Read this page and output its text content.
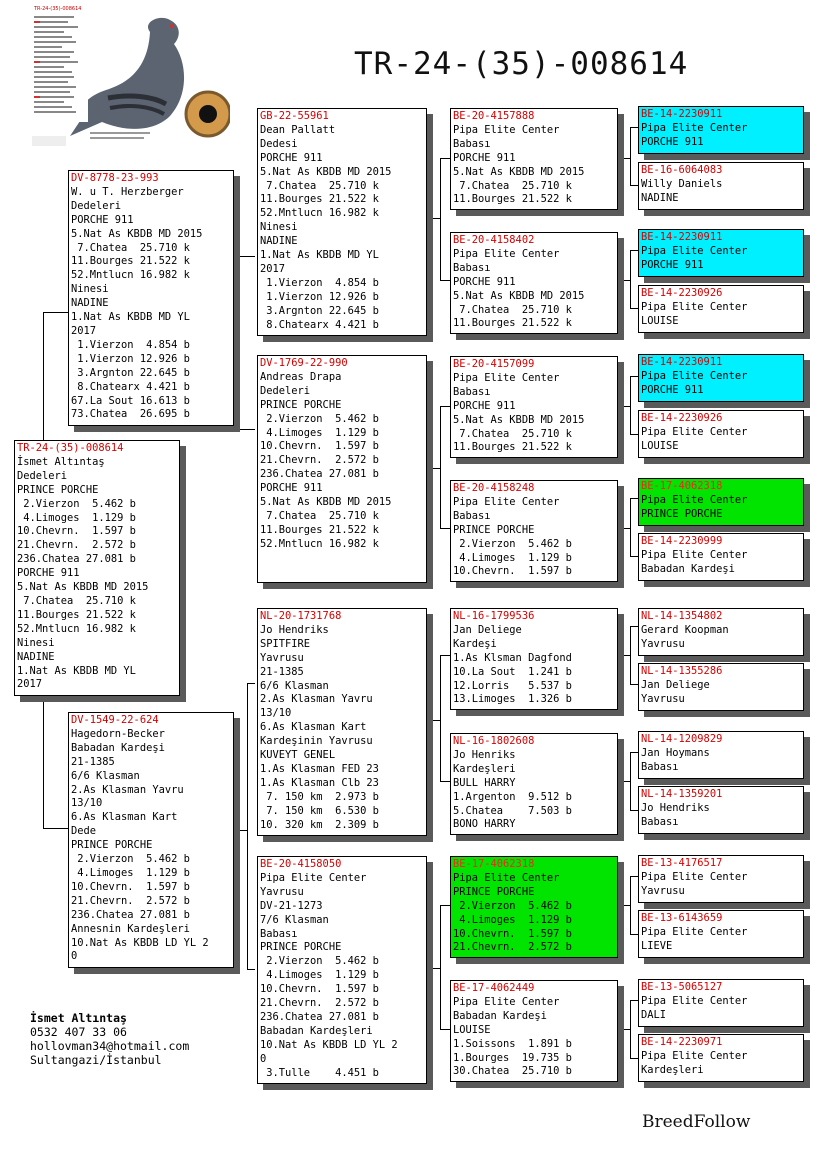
TR-24-(35)-008614
TR-24-(35)-008614
TR-24-(35)-008614
İsmet Altıntaş
Dedeleri
PRINCE PORCHE
2.Vierzon  5.462 b
4.Limoges  1.129 b
10.Chevrn.  1.597 b
21.Chevrn.  2.572 b
236.Chatea 27.081 b
PORCHE 911
5.Nat As KBDB MD 2015
7.Chatea  25.710 k
11.Bourges 21.522 k
52.Mntlucn 16.982 k
Ninesi
NADINE
1.Nat As KBDB MD YL
2017
DV-8778-23-993
W. u T. Herzberger
Dedeleri
PORCHE 911
5.Nat As KBDB MD 2015
7.Chatea  25.710 k
11.Bourges 21.522 k
52.Mntlucn 16.982 k
Ninesi
NADINE
1.Nat As KBDB MD YL
2017
1.Vierzon  4.854 b
1.Vierzon 12.926 b
3.Argnton 22.645 b
8.Chatearx 4.421 b
67.La Sout 16.613 b
73.Chatea  26.695 b
DV-1549-22-624
Hagedorn-Becker
Babadan Kardeşi
21-1385
6/6 Klasman
2.As Klasman Yavru
13/10
6.As Klasman Kart
Dede
PRINCE PORCHE
2.Vierzon  5.462 b
4.Limoges  1.129 b
10.Chevrn.  1.597 b
21.Chevrn.  2.572 b
236.Chatea 27.081 b
Annesnin Kardeşleri
10.Nat As KBDB LD YL 2
0
GB-22-55961
Dean Pallatt
Dedesi
PORCHE 911
5.Nat As KBDB MD 2015
7.Chatea  25.710 k
11.Bourges 21.522 k
52.Mntlucn 16.982 k
Ninesi
NADINE
1.Nat As KBDB MD YL
2017
1.Vierzon  4.854 b
1.Vierzon 12.926 b
3.Argnton 22.645 b
8.Chatearx 4.421 b
DV-1769-22-990
Andreas Drapa
Dedeleri
PRINCE PORCHE
2.Vierzon  5.462 b
4.Limoges  1.129 b
10.Chevrn.  1.597 b
21.Chevrn.  2.572 b
236.Chatea 27.081 b
PORCHE 911
5.Nat As KBDB MD 2015
7.Chatea  25.710 k
11.Bourges 21.522 k
52.Mntlucn 16.982 k
NL-20-1731768
Jo Hendriks
SPITFIRE
Yavrusu
21-1385
6/6 Klasman
2.As Klasman Yavru
13/10
6.As Klasman Kart
Kardeşinin Yavrusu
KUVEYT GENEL
1.As Klasman FED 23
1.As Klasman Clb 23
7. 150 km  2.973 b
7. 150 km  6.530 b
10. 320 km  2.309 b
BE-20-4158050
Pipa Elite Center
Yavrusu
DV-21-1273
7/6 Klasman
Babası
PRINCE PORCHE
2.Vierzon  5.462 b
4.Limoges  1.129 b
10.Chevrn.  1.597 b
21.Chevrn.  2.572 b
236.Chatea 27.081 b
Babadan Kardeşleri
10.Nat As KBDB LD YL 2
0
3.Tulle    4.451 b
BE-20-4157888
Pipa Elite Center
Babası
PORCHE 911
5.Nat As KBDB MD 2015
7.Chatea  25.710 k
11.Bourges 21.522 k
BE-20-4158402
Pipa Elite Center
Babası
PORCHE 911
5.Nat As KBDB MD 2015
7.Chatea  25.710 k
11.Bourges 21.522 k
BE-20-4157099
Pipa Elite Center
Babası
PORCHE 911
5.Nat As KBDB MD 2015
7.Chatea  25.710 k
11.Bourges 21.522 k
BE-20-4158248
Pipa Elite Center
Babası
PRINCE PORCHE
2.Vierzon  5.462 b
4.Limoges  1.129 b
10.Chevrn.  1.597 b
NL-16-1799536
Jan Deliege
Kardeşi
1.As Klsman Dagfond
10.La Sout  1.241 b
12.Lorris   5.537 b
13.Limoges  1.326 b
NL-16-1802608
Jo Henriks
Kardeşleri
BULL HARRY
1.Argenton  9.512 b
5.Chatea    7.503 b
BONO HARRY
BE-17-4062318
Pipa Elite Center
PRINCE PORCHE
2.Vierzon  5.462 b
4.Limoges  1.129 b
10.Chevrn.  1.597 b
21.Chevrn.  2.572 b
BE-17-4062449
Pipa Elite Center
Babadan Kardeşi
LOUISE
1.Soissons  1.891 b
1.Bourges  19.735 b
30.Chatea  25.710 b
BE-14-2230911
Pipa Elite Center
PORCHE 911
BE-16-6064083
Willy Daniels
NADINE
BE-14-2230911
Pipa Elite Center
PORCHE 911
BE-14-2230926
Pipa Elite Center
LOUISE
BE-14-2230911
Pipa Elite Center
PORCHE 911
BE-14-2230926
Pipa Elite Center
LOUISE
BE-17-4062318
Pipa Elite Center
PRINCE PORCHE
BE-14-2230999
Pipa Elite Center
Babadan Kardeşi
NL-14-1354802
Gerard Koopman
Yavrusu
NL-14-1355286
Jan Deliege
Yavrusu
NL-14-1209829
Jan Hoymans
Babası
NL-14-1359201
Jo Hendriks
Babası
BE-13-4176517
Pipa Elite Center
Yavrusu
BE-13-6143659
Pipa Elite Center
LIEVE
BE-13-5065127
Pipa Elite Center
DALI
BE-14-2230971
Pipa Elite Center
Kardeşleri
İsmet Altıntaş
0532 407 33 06
hollovman34@hotmail.com
Sultangazi/İstanbul
BreedFollow
